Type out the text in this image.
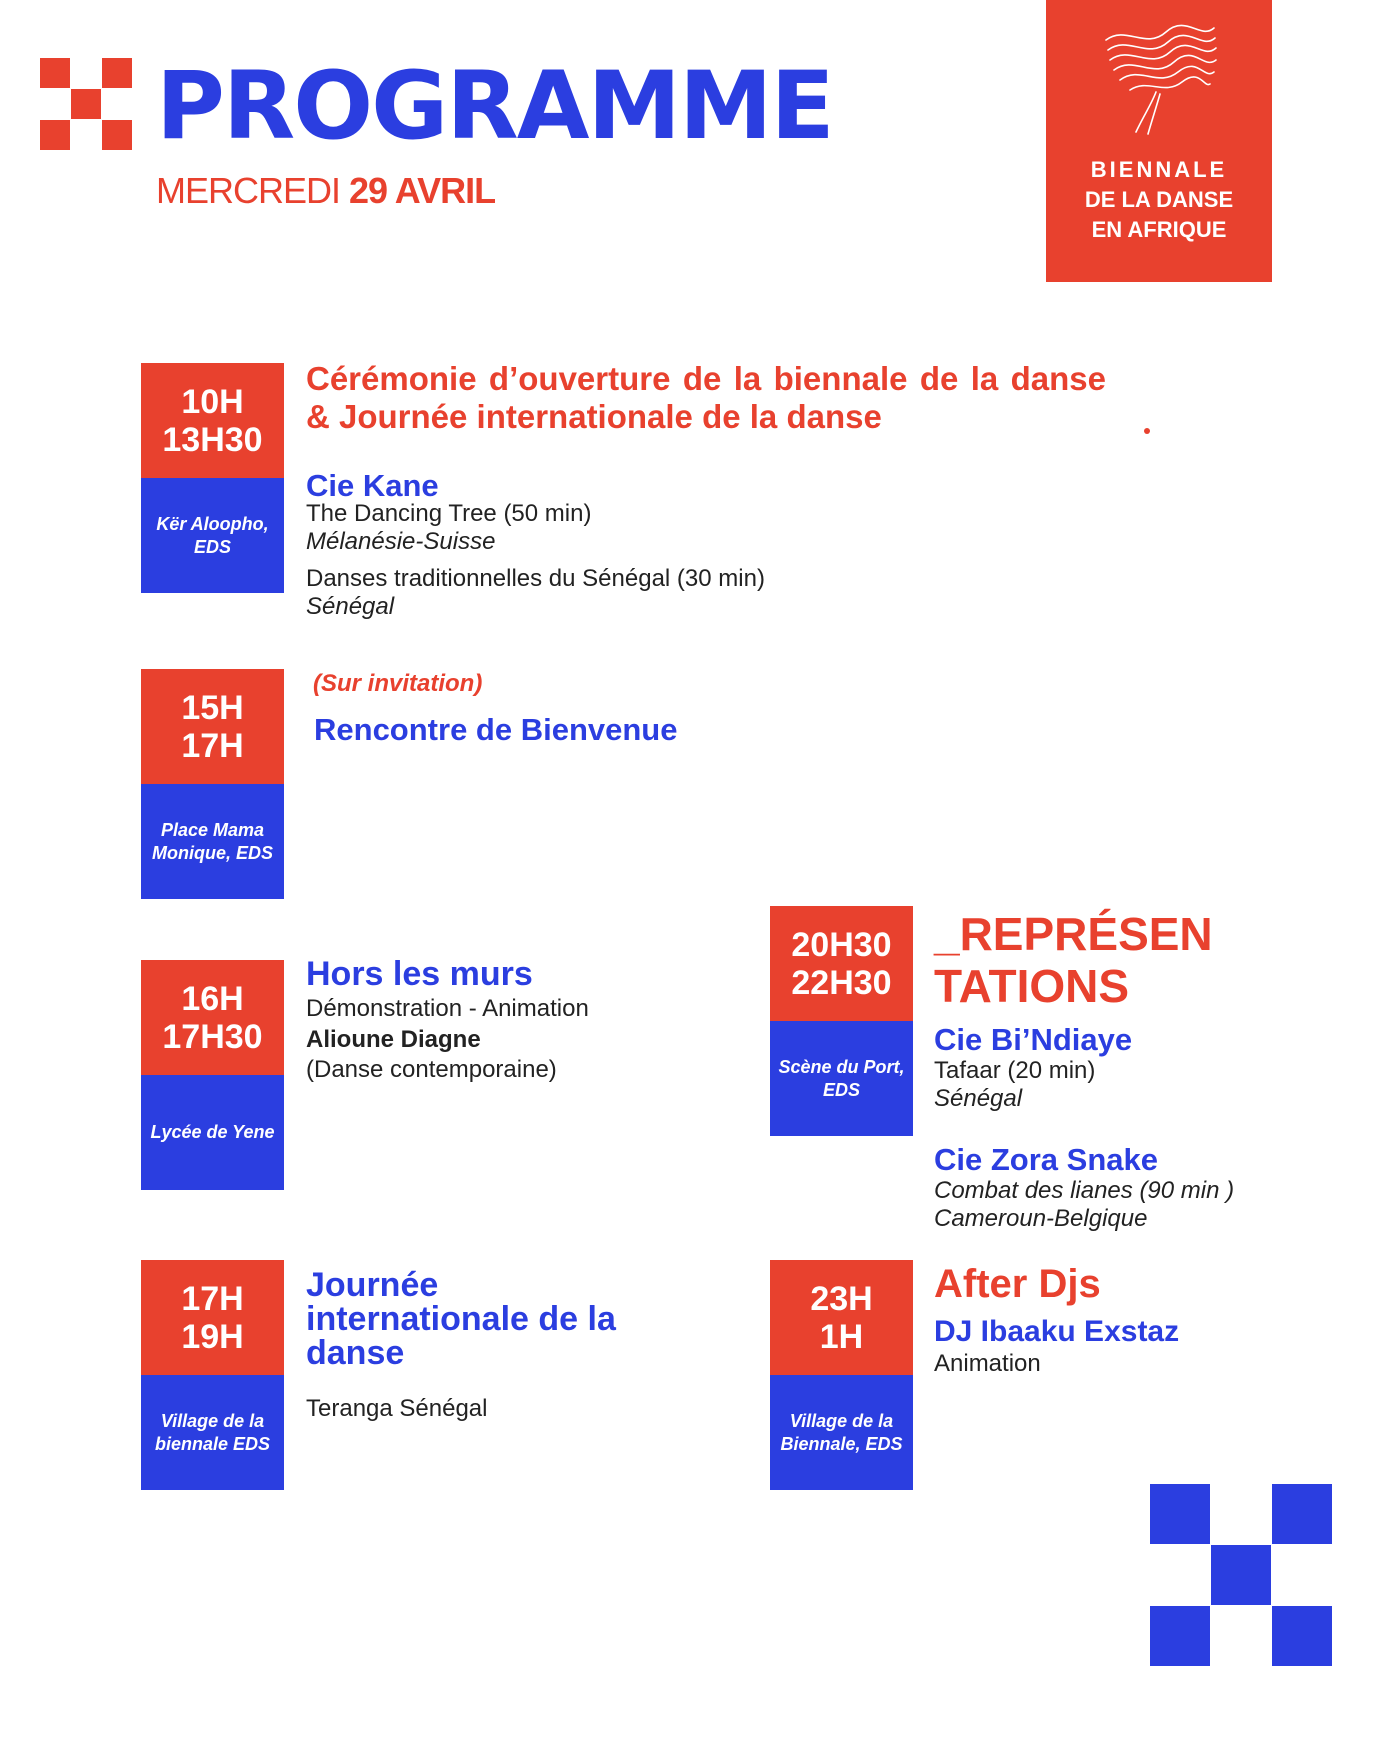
PROGRAMME
MERCREDI 29 AVRIL
BIENNALE
DE LA DANSE
EN AFRIQUE
10H
13H30
Kër Aloopho, EDS
Cérémonie d’ouverture de la biennale de la danse & Journée internationale de la danse
Cie Kane
The Dancing Tree (50 min)
Mélanésie-Suisse
Danses traditionnelles du Sénégal (30 min)
Sénégal
15H
17H
Place Mama Monique, EDS
(Sur invitation)
Rencontre de Bienvenue
16H
17H30
Lycée de Yene
Hors les murs
Démonstration - Animation
Alioune Diagne
(Danse contemporaine)
17H
19H
Village de la biennale EDS
Journée internationale de la danse
Teranga Sénégal
20H30
22H30
Scène du Port, EDS
_REPRÉSEN
TATIONS
Cie Bi’Ndiaye
Tafaar (20 min)
Sénégal
Cie Zora Snake
Combat des lianes (90 min )
Cameroun-Belgique
23H
1H
Village de la Biennale, EDS
After Djs
DJ Ibaaku Exstaz
Animation
